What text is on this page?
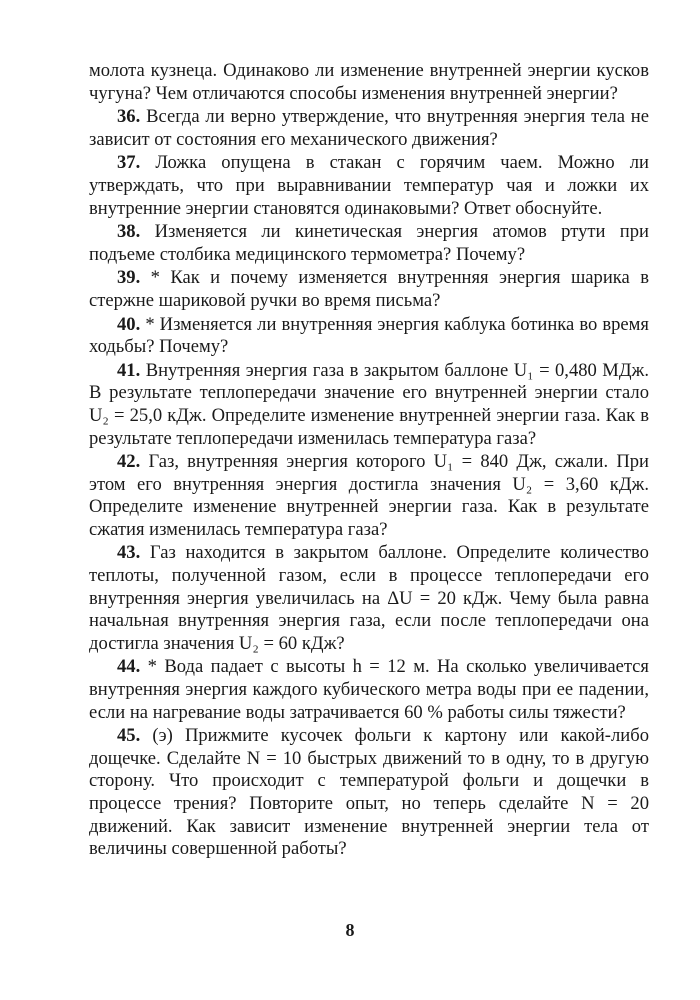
молота кузнеца. Одинаково ли изменение внутренней энергии кусков чугуна? Чем отличаются способы изменения внутренней энергии?

36. Всегда ли верно утверждение, что внутренняя энергия тела не зависит от состояния его механического движения?

37. Ложка опущена в стакан с горячим чаем. Можно ли утверждать, что при выравнивании температур чая и ложки их внутренние энергии становятся одинаковыми? Ответ обоснуйте.

38. Изменяется ли кинетическая энергия атомов ртути при подъеме столбика медицинского термометра? Почему?

39. * Как и почему изменяется внутренняя энергия шарика в стержне шариковой ручки во время письма?

40. * Изменяется ли внутренняя энергия каблука ботинка во время ходьбы? Почему?

41. Внутренняя энергия газа в закрытом баллоне U₁ = 0,480 МДж. В результате теплопередачи значение его внутренней энергии стало U₂ = 25,0 кДж. Определите изменение внутренней энергии газа. Как в результате теплопередачи изменилась температура газа?

42. Газ, внутренняя энергия которого U₁ = 840 Дж, сжали. При этом его внутренняя энергия достигла значения U₂ = 3,60 кДж. Определите изменение внутренней энергии газа. Как в результате сжатия изменилась температура газа?

43. Газ находится в закрытом баллоне. Определите количество теплоты, полученной газом, если в процессе теплопередачи его внутренняя энергия увеличилась на ΔU = 20 кДж. Чему была равна начальная внутренняя энергия газа, если после теплопередачи она достигла значения U₂ = 60 кДж?

44. * Вода падает с высоты h = 12 м. На сколько увеличивается внутренняя энергия каждого кубического метра воды при ее падении, если на нагревание воды затрачивается 60 % работы силы тяжести?

45. (э) Прижмите кусочек фольги к картону или какой-либо дощечке. Сделайте N = 10 быстрых движений то в одну, то в другую сторону. Что происходит с температурой фольги и дощечки в процессе трения? Повторите опыт, но теперь сделайте N = 20 движений. Как зависит изменение внутренней энергии тела от величины совершенной работы?

8
